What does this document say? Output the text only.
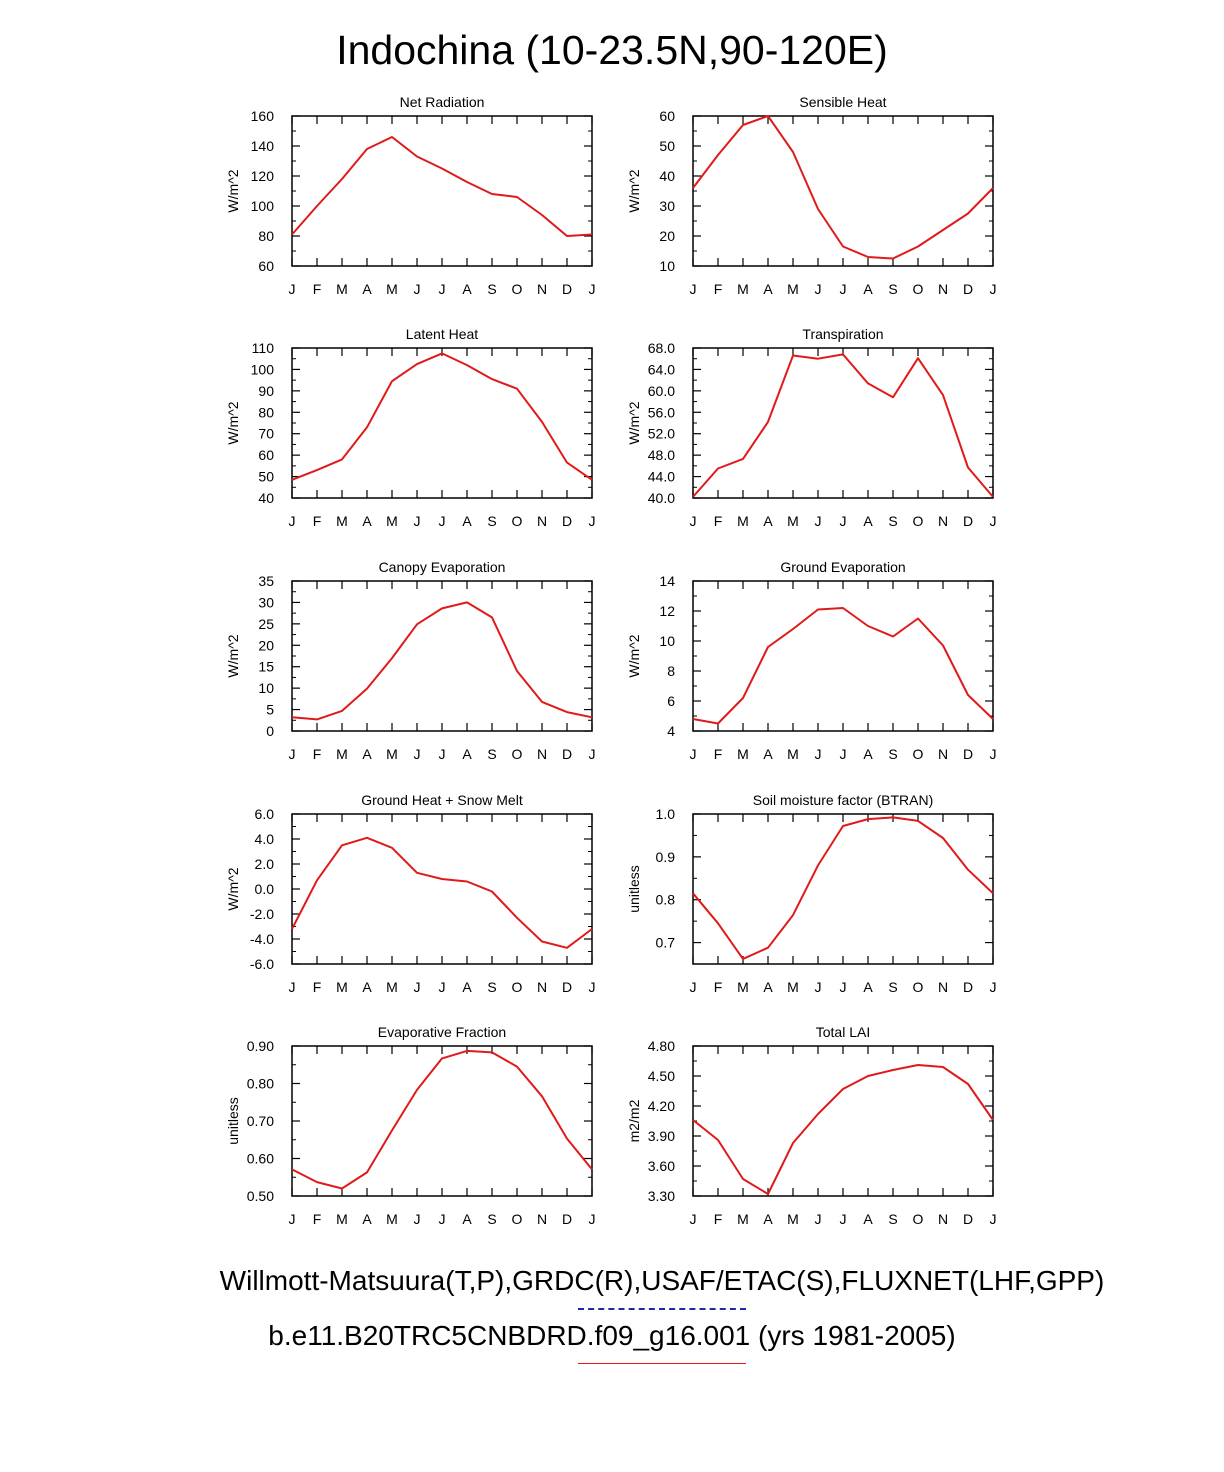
Indochina (10-23.5N,90-120E)
Net Radiation
W/m^2
60
80
100
120
140
160
J F M A M J J A S O N D J
Sensible Heat
W/m^2
10
20
30
40
50
60
J F M A M J J A S O N D J
Latent Heat
W/m^2
40
50
60
70
80
90
100
110
J F M A M J J A S O N D J
Transpiration
W/m^2
40.0
44.0
48.0
52.0
56.0
60.0
64.0
68.0
J F M A M J J A S O N D J
Canopy Evaporation
W/m^2
0
5
10
15
20
25
30
35
J F M A M J J A S O N D J
Ground Evaporation
W/m^2
4
6
8
10
12
14
J F M A M J J A S O N D J
Ground Heat + Snow Melt
W/m^2
-6.0
-4.0
-2.0
0.0
2.0
4.0
6.0
J F M A M J J A S O N D J
Soil moisture factor (BTRAN)
unitless
0.7
0.8
0.9
1.0
J F M A M J J A S O N D J
Evaporative Fraction
unitless
0.50
0.60
0.70
0.80
0.90
J F M A M J J A S O N D J
Total LAI
m2/m2
3.30
3.60
3.90
4.20
4.50
4.80
J F M A M J J A S O N D J
Willmott-Matsuura(T,P),GRDC(R),USAF/ETAC(S),FLUXNET(LHF,GPP)
b.e11.B20TRC5CNBDRD.f09_g16.001 (yrs 1981-2005)
